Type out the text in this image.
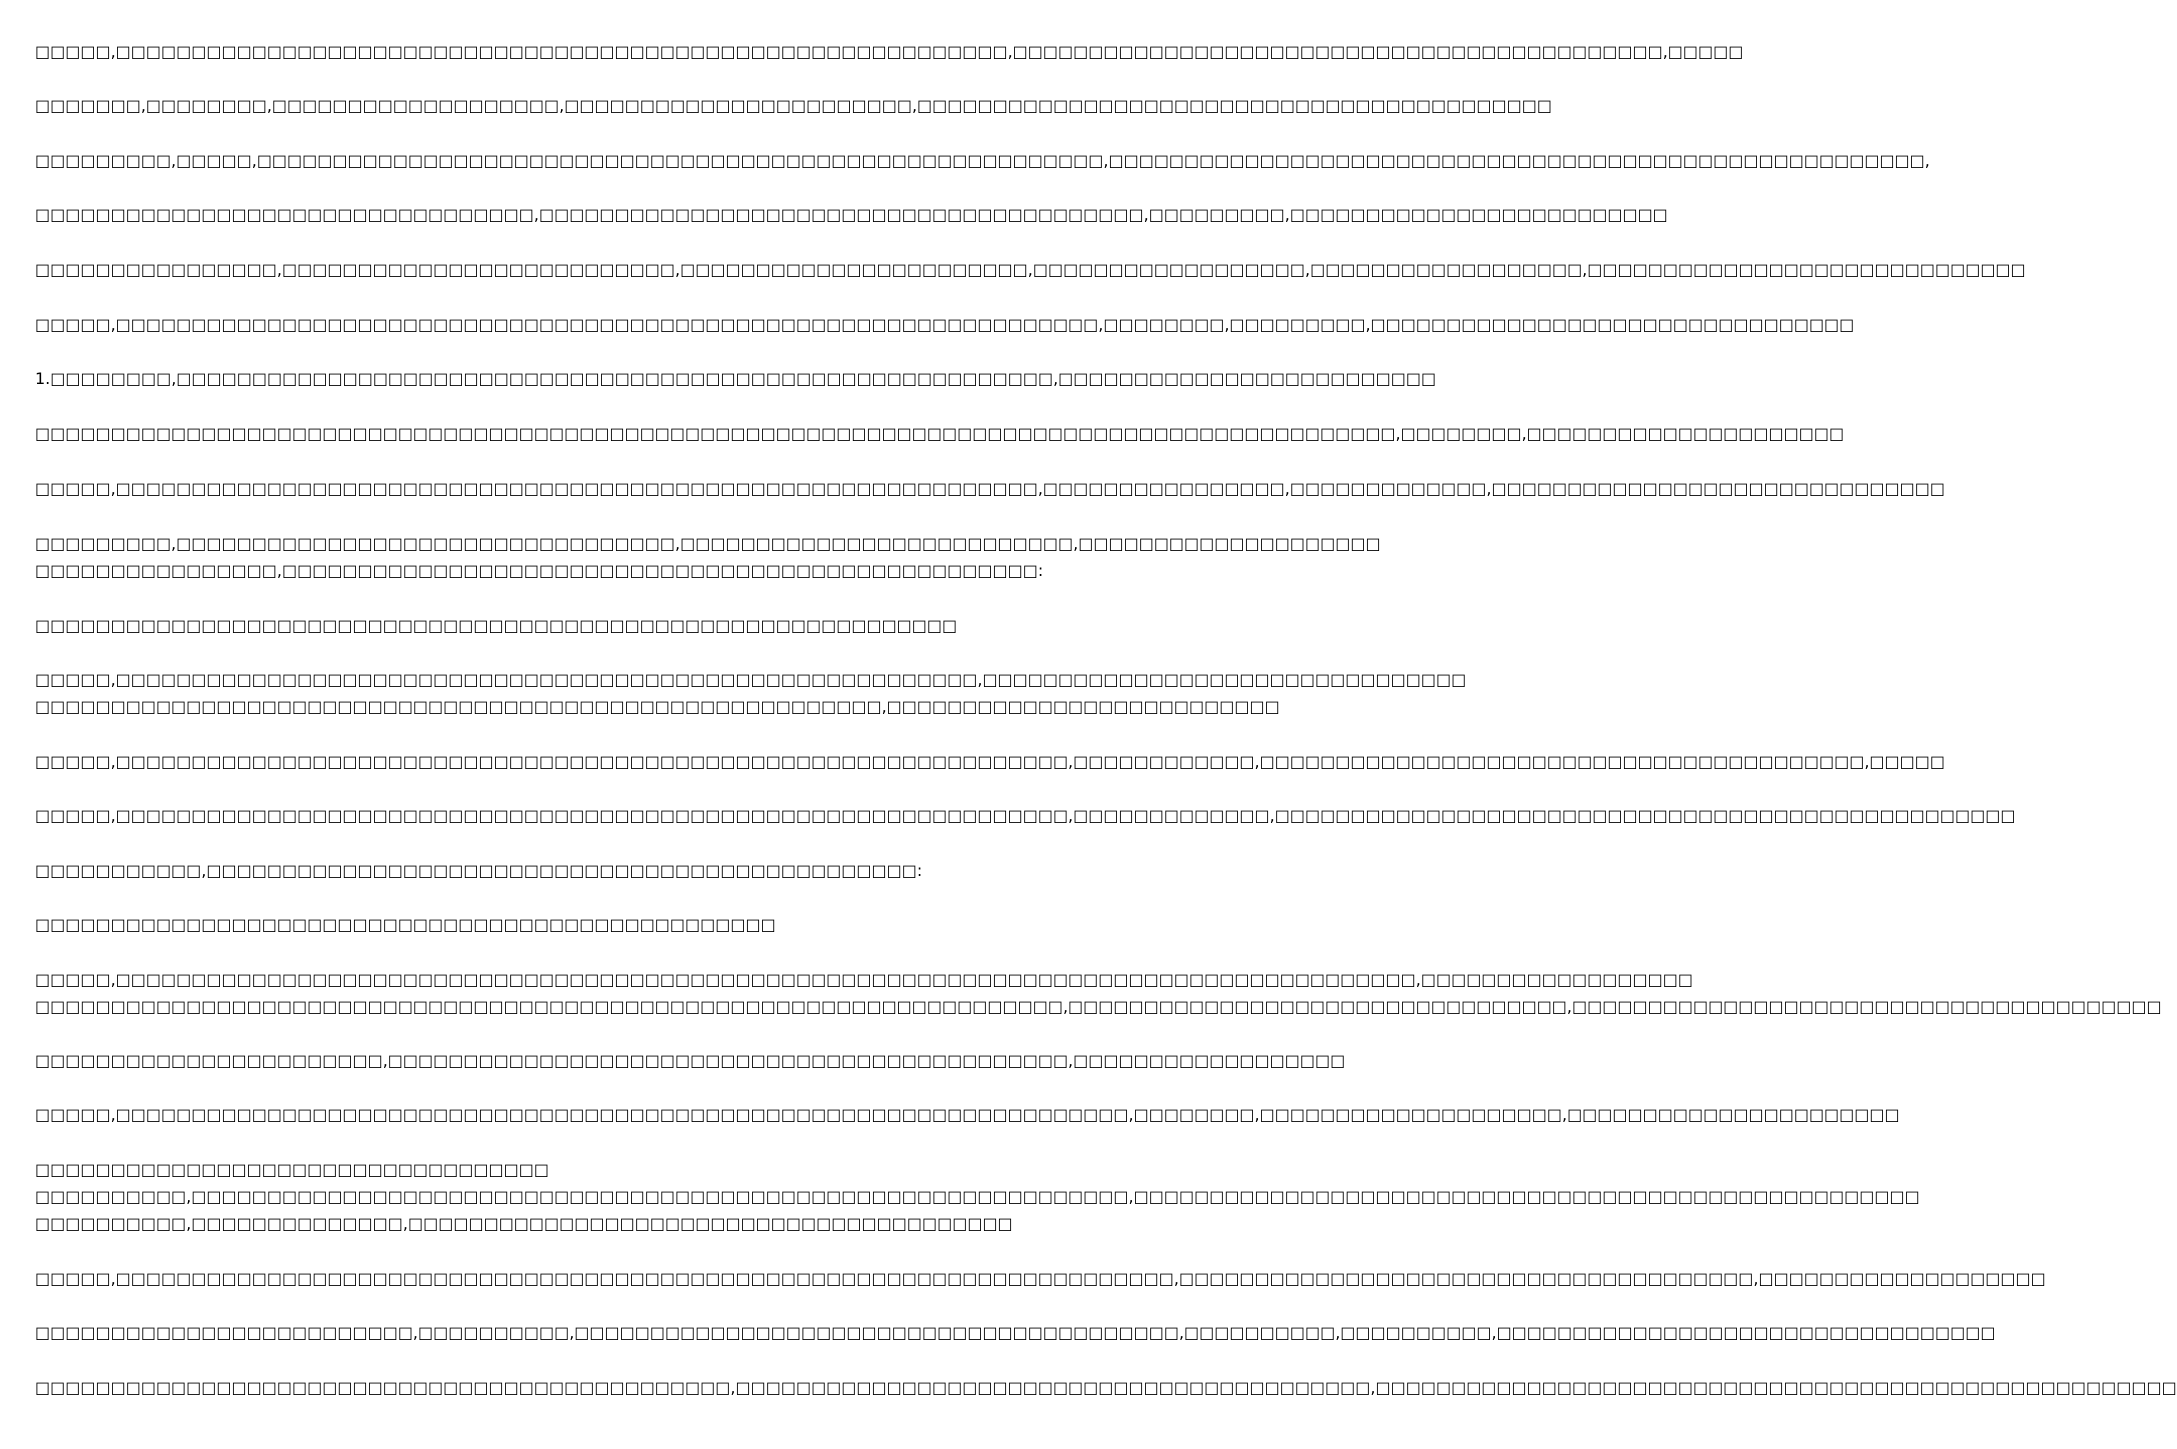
□□□□□,□□□□□□□□□□□□□□□□□□□□□□□□□□□□□□□□□□□□□□□□□□□□□□□□□□□□□□□□□□□,□□□□□□□□□□□□□□□□□□□□□□□□□□□□□□□□□□□□□□□□□□□,□□□□□
□□□□□□□,□□□□□□□□,□□□□□□□□□□□□□□□□□□□,□□□□□□□□□□□□□□□□□□□□□□□,□□□□□□□□□□□□□□□□□□□□□□□□□□□□□□□□□□□□□□□□□□
□□□□□□□□□,□□□□□,□□□□□□□□□□□□□□□□□□□□□□□□□□□□□□□□□□□□□□□□□□□□□□□□□□□□□□□□,□□□□□□□□□□□□□□□□□□□□□□□□□□□□□□□□□□□□□□□□□□□□□□□□□□□□□□,
□□□□□□□□□□□□□□□□□□□□□□□□□□□□□□□□□,□□□□□□□□□□□□□□□□□□□□□□□□□□□□□□□□□□□□□□□□,□□□□□□□□□,□□□□□□□□□□□□□□□□□□□□□□□□□
□□□□□□□□□□□□□□□□,□□□□□□□□□□□□□□□□□□□□□□□□□□,□□□□□□□□□□□□□□□□□□□□□□□,□□□□□□□□□□□□□□□□□□,□□□□□□□□□□□□□□□□□□,□□□□□□□□□□□□□□□□□□□□□□□□□□□□□
□□□□□,□□□□□□□□□□□□□□□□□□□□□□□□□□□□□□□□□□□□□□□□□□□□□□□□□□□□□□□□□□□□□□□□□,□□□□□□□□,□□□□□□□□□,□□□□□□□□□□□□□□□□□□□□□□□□□□□□□□□□
1.□□□□□□□□,□□□□□□□□□□□□□□□□□□□□□□□□□□□□□□□□□□□□□□□□□□□□□□□□□□□□□□□□□□,□□□□□□□□□□□□□□□□□□□□□□□□□
□□□□□□□□□□□□□□□□□□□□□□□□□□□□□□□□□□□□□□□□□□□□□□□□□□□□□□□□□□□□□□□□□□□□□□□□□□□□□□□□□□□□□□□□□□,□□□□□□□□,□□□□□□□□□□□□□□□□□□□□□
□□□□□,□□□□□□□□□□□□□□□□□□□□□□□□□□□□□□□□□□□□□□□□□□□□□□□□□□□□□□□□□□□□□,□□□□□□□□□□□□□□□□,□□□□□□□□□□□□□,□□□□□□□□□□□□□□□□□□□□□□□□□□□□□□
□□□□□□□□□,□□□□□□□□□□□□□□□□□□□□□□□□□□□□□□□□□,□□□□□□□□□□□□□□□□□□□□□□□□□□,□□□□□□□□□□□□□□□□□□□□
□□□□□□□□□□□□□□□□,□□□□□□□□□□□□□□□□□□□□□□□□□□□□□□□□□□□□□□□□□□□□□□□□□□:
□□□□□□□□□□□□□□□□□□□□□□□□□□□□□□□□□□□□□□□□□□□□□□□□□□□□□□□□□□□□□
□□□□□,□□□□□□□□□□□□□□□□□□□□□□□□□□□□□□□□□□□□□□□□□□□□□□□□□□□□□□□□□,□□□□□□□□□□□□□□□□□□□□□□□□□□□□□□□□
□□□□□□□□□□□□□□□□□□□□□□□□□□□□□□□□□□□□□□□□□□□□□□□□□□□□□□□□,□□□□□□□□□□□□□□□□□□□□□□□□□□
□□□□□,□□□□□□□□□□□□□□□□□□□□□□□□□□□□□□□□□□□□□□□□□□□□□□□□□□□□□□□□□□□□□□□,□□□□□□□□□□□□,□□□□□□□□□□□□□□□□□□□□□□□□□□□□□□□□□□□□□□□□,□□□□□
□□□□□,□□□□□□□□□□□□□□□□□□□□□□□□□□□□□□□□□□□□□□□□□□□□□□□□□□□□□□□□□□□□□□□,□□□□□□□□□□□□□,□□□□□□□□□□□□□□□□□□□□□□□□□□□□□□□□□□□□□□□□□□□□□□□□□
□□□□□□□□□□□,□□□□□□□□□□□□□□□□□□□□□□□□□□□□□□□□□□□□□□□□□□□□□□□:
□□□□□□□□□□□□□□□□□□□□□□□□□□□□□□□□□□□□□□□□□□□□□□□□□
□□□□□,□□□□□□□□□□□□□□□□□□□□□□□□□□□□□□□□□□□□□□□□□□□□□□□□□□□□□□□□□□□□□□□□□□□□□□□□□□□□□□□□□□□□□□,□□□□□□□□□□□□□□□□□□
□□□□□□□□□□□□□□□□□□□□□□□□□□□□□□□□□□□□□□□□□□□□□□□□□□□□□□□□□□□□□□□□□□□□,□□□□□□□□□□□□□□□□□□□□□□□□□□□□□□□□□,□□□□□□□□□□□□□□□□□□□□□□□□□□□□□□□□□□□□□□□
□□□□□□□□□□□□□□□□□□□□□□□,□□□□□□□□□□□□□□□□□□□□□□□□□□□□□□□□□□□□□□□□□□□□□,□□□□□□□□□□□□□□□□□□
□□□□□,□□□□□□□□□□□□□□□□□□□□□□□□□□□□□□□□□□□□□□□□□□□□□□□□□□□□□□□□□□□□□□□□□□□,□□□□□□□□,□□□□□□□□□□□□□□□□□□□□,□□□□□□□□□□□□□□□□□□□□□□
□□□□□□□□□□□□□□□□□□□□□□□□□□□□□□□□□□
□□□□□□□□□□,□□□□□□□□□□□□□□□□□□□□□□□□□□□□□□□□□□□□□□□□□□□□□□□□□□□□□□□□□□□□□□,□□□□□□□□□□□□□□□□□□□□□□□□□□□□□□□□□□□□□□□□□□□□□□□□□□□□
□□□□□□□□□□,□□□□□□□□□□□□□□,□□□□□□□□□□□□□□□□□□□□□□□□□□□□□□□□□□□□□□□□
□□□□□,□□□□□□□□□□□□□□□□□□□□□□□□□□□□□□□□□□□□□□□□□□□□□□□□□□□□□□□□□□□□□□□□□□□□□□,□□□□□□□□□□□□□□□□□□□□□□□□□□□□□□□□□□□□□□,□□□□□□□□□□□□□□□□□□□
□□□□□□□□□□□□□□□□□□□□□□□□□,□□□□□□□□□□,□□□□□□□□□□□□□□□□□□□□□□□□□□□□□□□□□□□□□□□□,□□□□□□□□□□,□□□□□□□□□□,□□□□□□□□□□□□□□□□□□□□□□□□□□□□□□□□□
□□□□□□□□□□□□□□□□□□□□□□□□□□□□□□□□□□□□□□□□□□□□□□,□□□□□□□□□□□□□□□□□□□□□□□□□□□□□□□□□□□□□□□□□□,□□□□□□□□□□□□□□□□□□□□□□□□□□□□□□□□□□□□□□□□□□□□□□□□□□□□□
